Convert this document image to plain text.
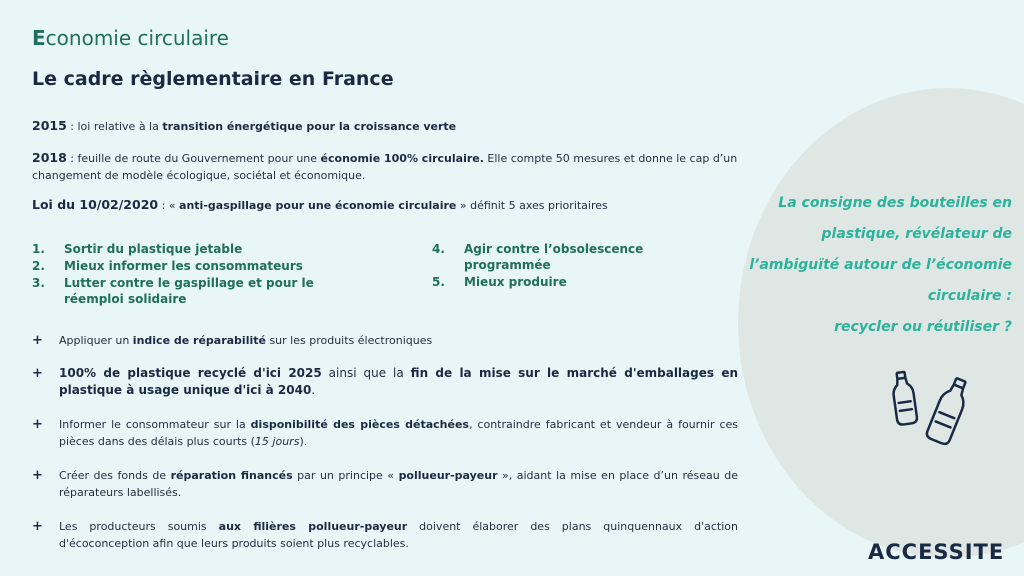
Economie circulaire
Le cadre règlementaire en France
2015 : loi relative à la transition énergétique pour la croissance verte
2018 : feuille de route du Gouvernement pour une économie 100% circulaire. Elle compte 50 mesures et donne le cap d’un changement de modèle écologique, sociétal et économique.
Loi du 10/02/2020 : « anti-gaspillage pour une économie circulaire » définit 5 axes prioritaires
1.	Sortir du plastique jetable
2.	Mieux informer les consommateurs
3.	Lutter contre le gaspillage et pour le réemploi solidaire
4.	Agir contre l’obsolescence programmée
5.	Mieux produire
+	Appliquer un indice de réparabilité sur les produits électroniques
+	100% de plastique recyclé d'ici 2025 ainsi que la fin de la mise sur le marché d'emballages en plastique à usage unique d'ici à 2040.
+	Informer le consommateur sur la disponibilité des pièces détachées, contraindre fabricant et vendeur à fournir ces pièces dans des délais plus courts (15 jours).
+	Créer des fonds de réparation financés par un principe « pollueur-payeur », aidant la mise en place d’un réseau de réparateurs labellisés.
+	Les producteurs soumis aux filières pollueur-payeur doivent élaborer des plans quinquennaux d'action d'écoconception afin que leurs produits soient plus recyclables.
La consigne des bouteilles en
plastique, révélateur de
l’ambiguïté autour de l’économie
circulaire :
recycler ou réutiliser ?
ACCESSITE
